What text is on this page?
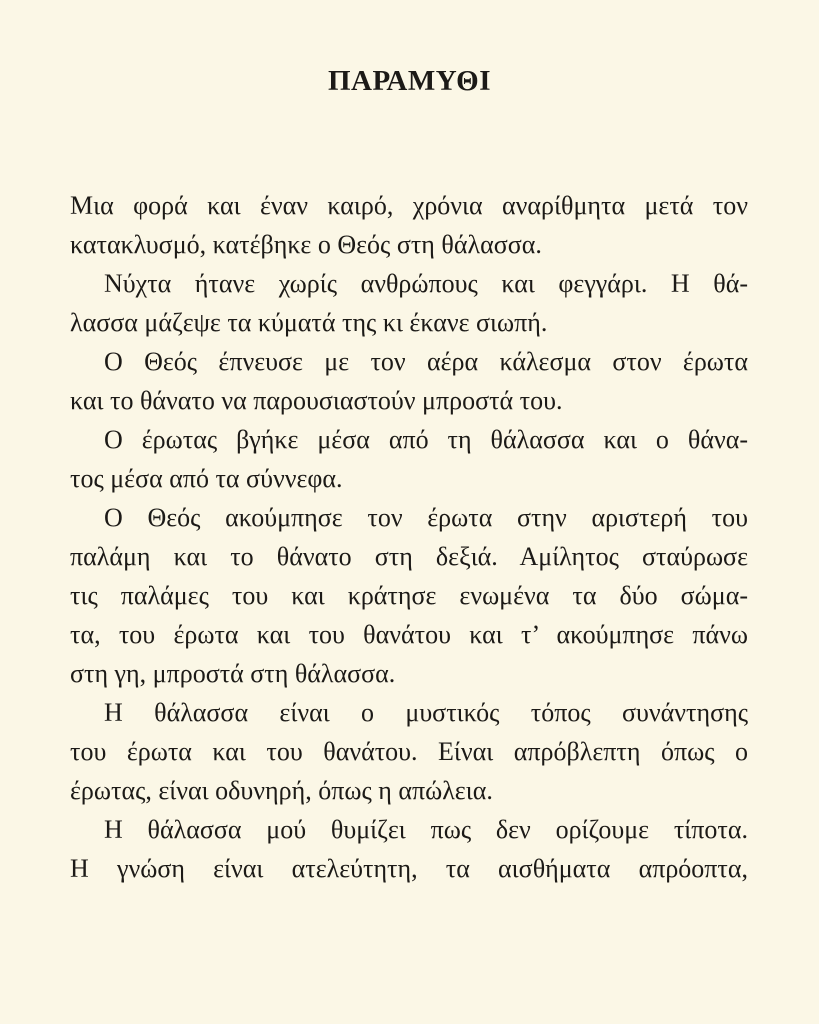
ΠΑΡΑΜΥΘΙ
Μια φορά και έναν καιρό, χρόνια αναρίθμητα μετά τον
κατακλυσμό, κατέβηκε ο Θεός στη θάλασσα.
Νύχτα ήτανε χωρίς ανθρώπους και φεγγάρι. Η θά-
λασσα μάζεψε τα κύματά της κι έκανε σιωπή.
Ο Θεός έπνευσε με τον αέρα κάλεσμα στον έρωτα
και το θάνατο να παρουσιαστούν μπροστά του.
Ο έρωτας βγήκε μέσα από τη θάλασσα και ο θάνα-
τος μέσα από τα σύννεφα.
Ο Θεός ακούμπησε τον έρωτα στην αριστερή του
παλάμη και το θάνατο στη δεξιά. Αμίλητος σταύρωσε
τις παλάμες του και κράτησε ενωμένα τα δύο σώμα-
τα, του έρωτα και του θανάτου και τ’ ακούμπησε πάνω
στη γη, μπροστά στη θάλασσα.
Η θάλασσα είναι ο μυστικός τόπος συνάντησης
του έρωτα και του θανάτου. Είναι απρόβλεπτη όπως ο
έρωτας, είναι οδυνηρή, όπως η απώλεια.
Η θάλασσα μού θυμίζει πως δεν ορίζουμε τίποτα.
Η γνώση είναι ατελεύτητη, τα αισθήματα απρόοπτα,
